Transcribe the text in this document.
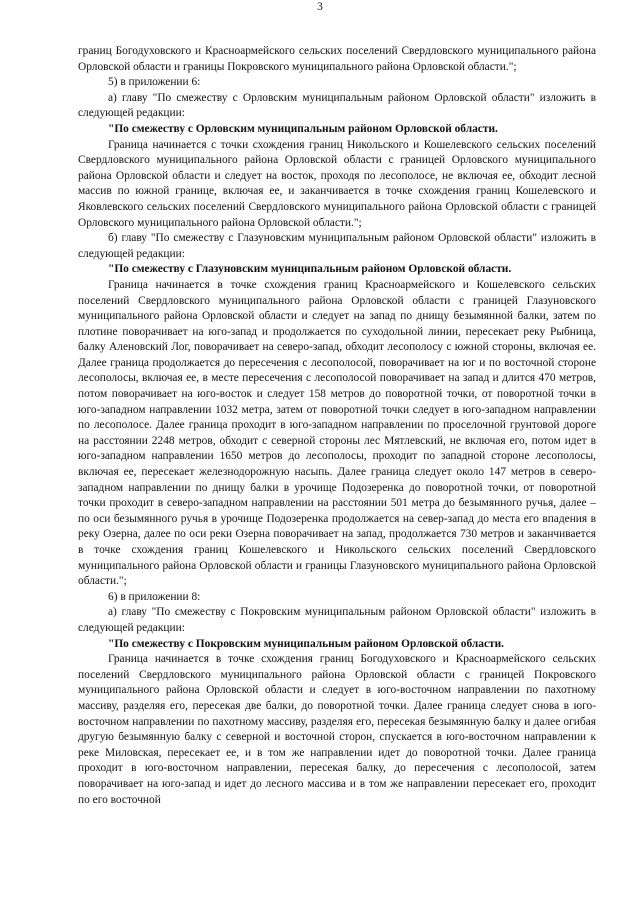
3

границ Богодуховского и Красноармейского сельских поселений Свердловского муниципального района Орловской области и границы Покровского муниципального района Орловской области.";

5) в приложении 6:

а) главу "По смежеству с Орловским муниципальным районом Орловской области" изложить в следующей редакции:

"По смежеству с Орловским муниципальным районом Орловской области.

Граница начинается с точки схождения границ Никольского и Кошелевского сельских поселений Свердловского муниципального района Орловской области с границей Орловского муниципального района Орловской области и следует на восток, проходя по лесополосе, не включая ее, обходит лесной массив по южной границе, включая ее, и заканчивается в точке схождения границ Кошелевского и Яковлевского сельских поселений Свердловского муниципального района Орловской области с границей Орловского муниципального района Орловской области.";

б) главу "По смежеству с Глазуновским муниципальным районом Орловской области" изложить в следующей редакции:

"По смежеству с Глазуновским муниципальным районом Орловской области.

Граница начинается в точке схождения границ Красноармейского и Кошелевского сельских поселений Свердловского муниципального района Орловской области с границей Глазуновского муниципального района Орловской области и следует на запад по днищу безымянной балки, затем по плотине поворачивает на юго-запад и продолжается по суходольной линии, пересекает реку Рыбница, балку Аленовский Лог, поворачивает на северо-запад, обходит лесополосу с южной стороны, включая ее. Далее граница продолжается до пересечения с лесополосой, поворачивает на юг и по восточной стороне лесополосы, включая ее, в месте пересечения с лесополосой поворачивает на запад и длится 470 метров, потом поворачивает на юго-восток и следует 158 метров до поворотной точки, от поворотной точки в юго-западном направлении 1032 метра, затем от поворотной точки следует в юго-западном направлении по лесополосе. Далее граница проходит в юго-западном направлении по проселочной грунтовой дороге на расстоянии 2248 метров, обходит с северной стороны лес Мятлевский, не включая его, потом идет в юго-западном направлении 1650 метров до лесополосы, проходит по западной стороне лесополосы, включая ее, пересекает железнодорожную насыпь. Далее граница следует около 147 метров в северо-западном направлении по днищу балки в урочище Подозеренка до поворотной точки, от поворотной точки проходит в северо-западном направлении на расстоянии 501 метра до безымянного ручья, далее – по оси безымянного ручья в урочище Подозеренка продолжается на север-запад до места его впадения в реку Озерна, далее по оси реки Озерна поворачивает на запад, продолжается 730 метров и заканчивается в точке схождения границ Кошелевского и Никольского сельских поселений Свердловского муниципального района Орловской области и границы Глазуновского муниципального района Орловской области.";

6) в приложении 8:

а) главу "По смежеству с Покровским муниципальным районом Орловской области" изложить в следующей редакции:

"По смежеству с Покровским муниципальным районом Орловской области.

Граница начинается в точке схождения границ Богодуховского и Красноармейского сельских поселений Свердловского муниципального района Орловской области с границей Покровского муниципального района Орловской области и следует в юго-восточном направлении по пахотному массиву, разделяя его, пересекая две балки, до поворотной точки. Далее граница следует снова в юго-восточном направлении по пахотному массиву, разделяя его, пересекая безымянную балку и далее огибая другую безымянную балку с северной и восточной сторон, спускается в юго-восточном направлении к реке Миловская, пересекает ее, и в том же направлении идет до поворотной точки. Далее граница проходит в юго-восточном направлении, пересекая балку, до пересечения с лесополосой, затем поворачивает на юго-запад и идет до лесного массива и в том же направлении пересекает его, проходит по его восточной
